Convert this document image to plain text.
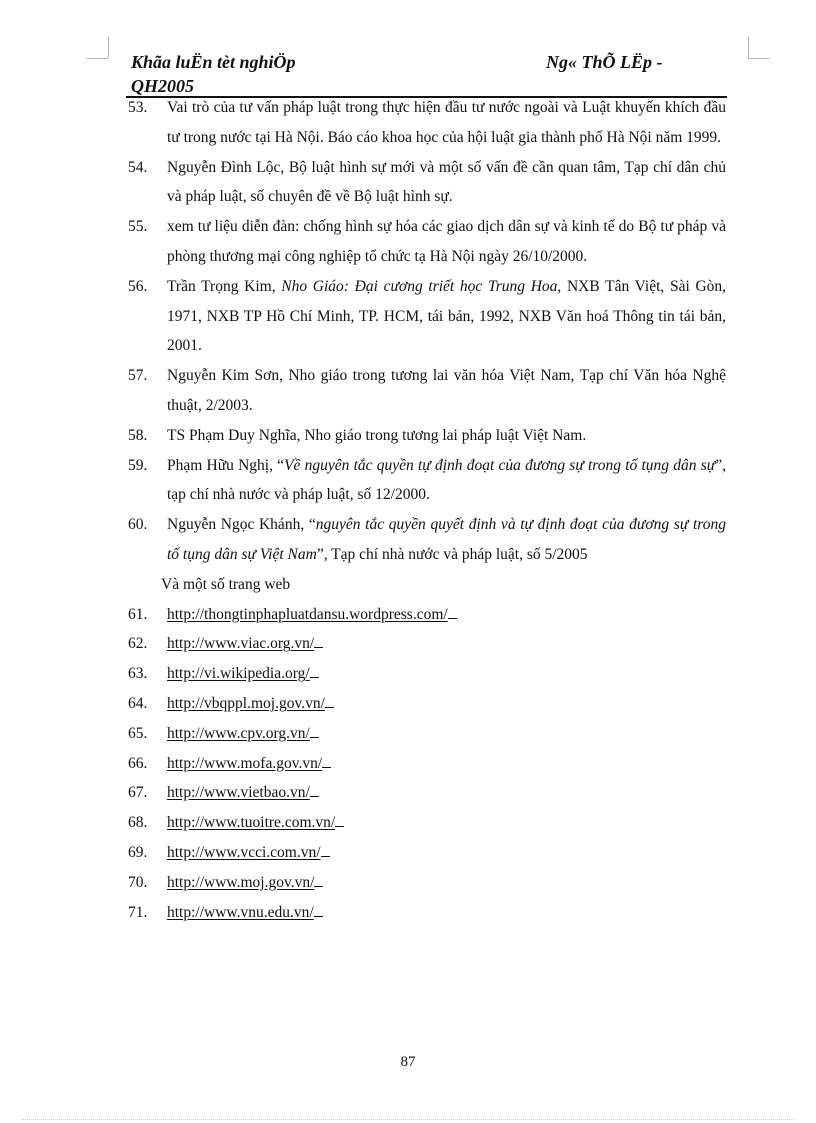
Khãa luËn tèt nghiÖp	Ng« ThÕ LËp -
QH2005
53.	Vai trò của tư vấn pháp luật trong thực hiện đầu tư nước ngoài và Luật khuyến khích đầu tư trong nước tại Hà Nội. Báo cáo khoa học của hội luật gia thành phố Hà Nội năm 1999.
54.	Nguyễn Đình Lộc, Bộ luật hình sự mới và một số vấn đề cần quan tâm, Tạp chí dân chủ và pháp luật, số chuyên đề về Bộ luật hình sự.
55.	xem tư liệu diễn đàn: chống hình sự hóa các giao dịch dân sự và kinh tế do Bộ tư pháp và phòng thương mại công nghiệp tổ chức tạ Hà Nội ngày 26/10/2000.
56.	Trần Trọng Kim, Nho Giáo: Đại cương triết học Trung Hoa, NXB Tân Việt, Sài Gòn, 1971, NXB TP Hồ Chí Minh, TP. HCM, tái bản, 1992, NXB Văn hoá Thông tin tái bản, 2001.
57.	Nguyễn Kim Sơn, Nho giáo trong tương lai văn hóa Việt Nam, Tạp chí Văn hóa Nghệ thuật, 2/2003.
58.	TS Phạm Duy Nghĩa, Nho giáo trong tương lai pháp luật Việt Nam.
59.	Phạm Hữu Nghị, “Về nguyên tắc quyền tự định đoạt của đương sự trong tố tụng dân sự”, tạp chí nhà nước và pháp luật, số 12/2000.
60.	Nguyễn Ngọc Khánh, “nguyên tắc quyền quyết định và tự định đoạt của đương sự trong tố tụng dân sự Việt Nam”, Tạp chí nhà nước và pháp luật, số 5/2005
Và một số trang web
61.	http://thongtinphapluatdansu.wordpress.com/
62.	http://www.viac.org.vn/
63.	http://vi.wikipedia.org/
64.	http://vbqppl.moj.gov.vn/
65.	http://www.cpv.org.vn/
66.	http://www.mofa.gov.vn/
67.	http://www.vietbao.vn/
68.	http://www.tuoitre.com.vn/
69.	http://www.vcci.com.vn/
70.	http://www.moj.gov.vn/
71.	http://www.vnu.edu.vn/
87
